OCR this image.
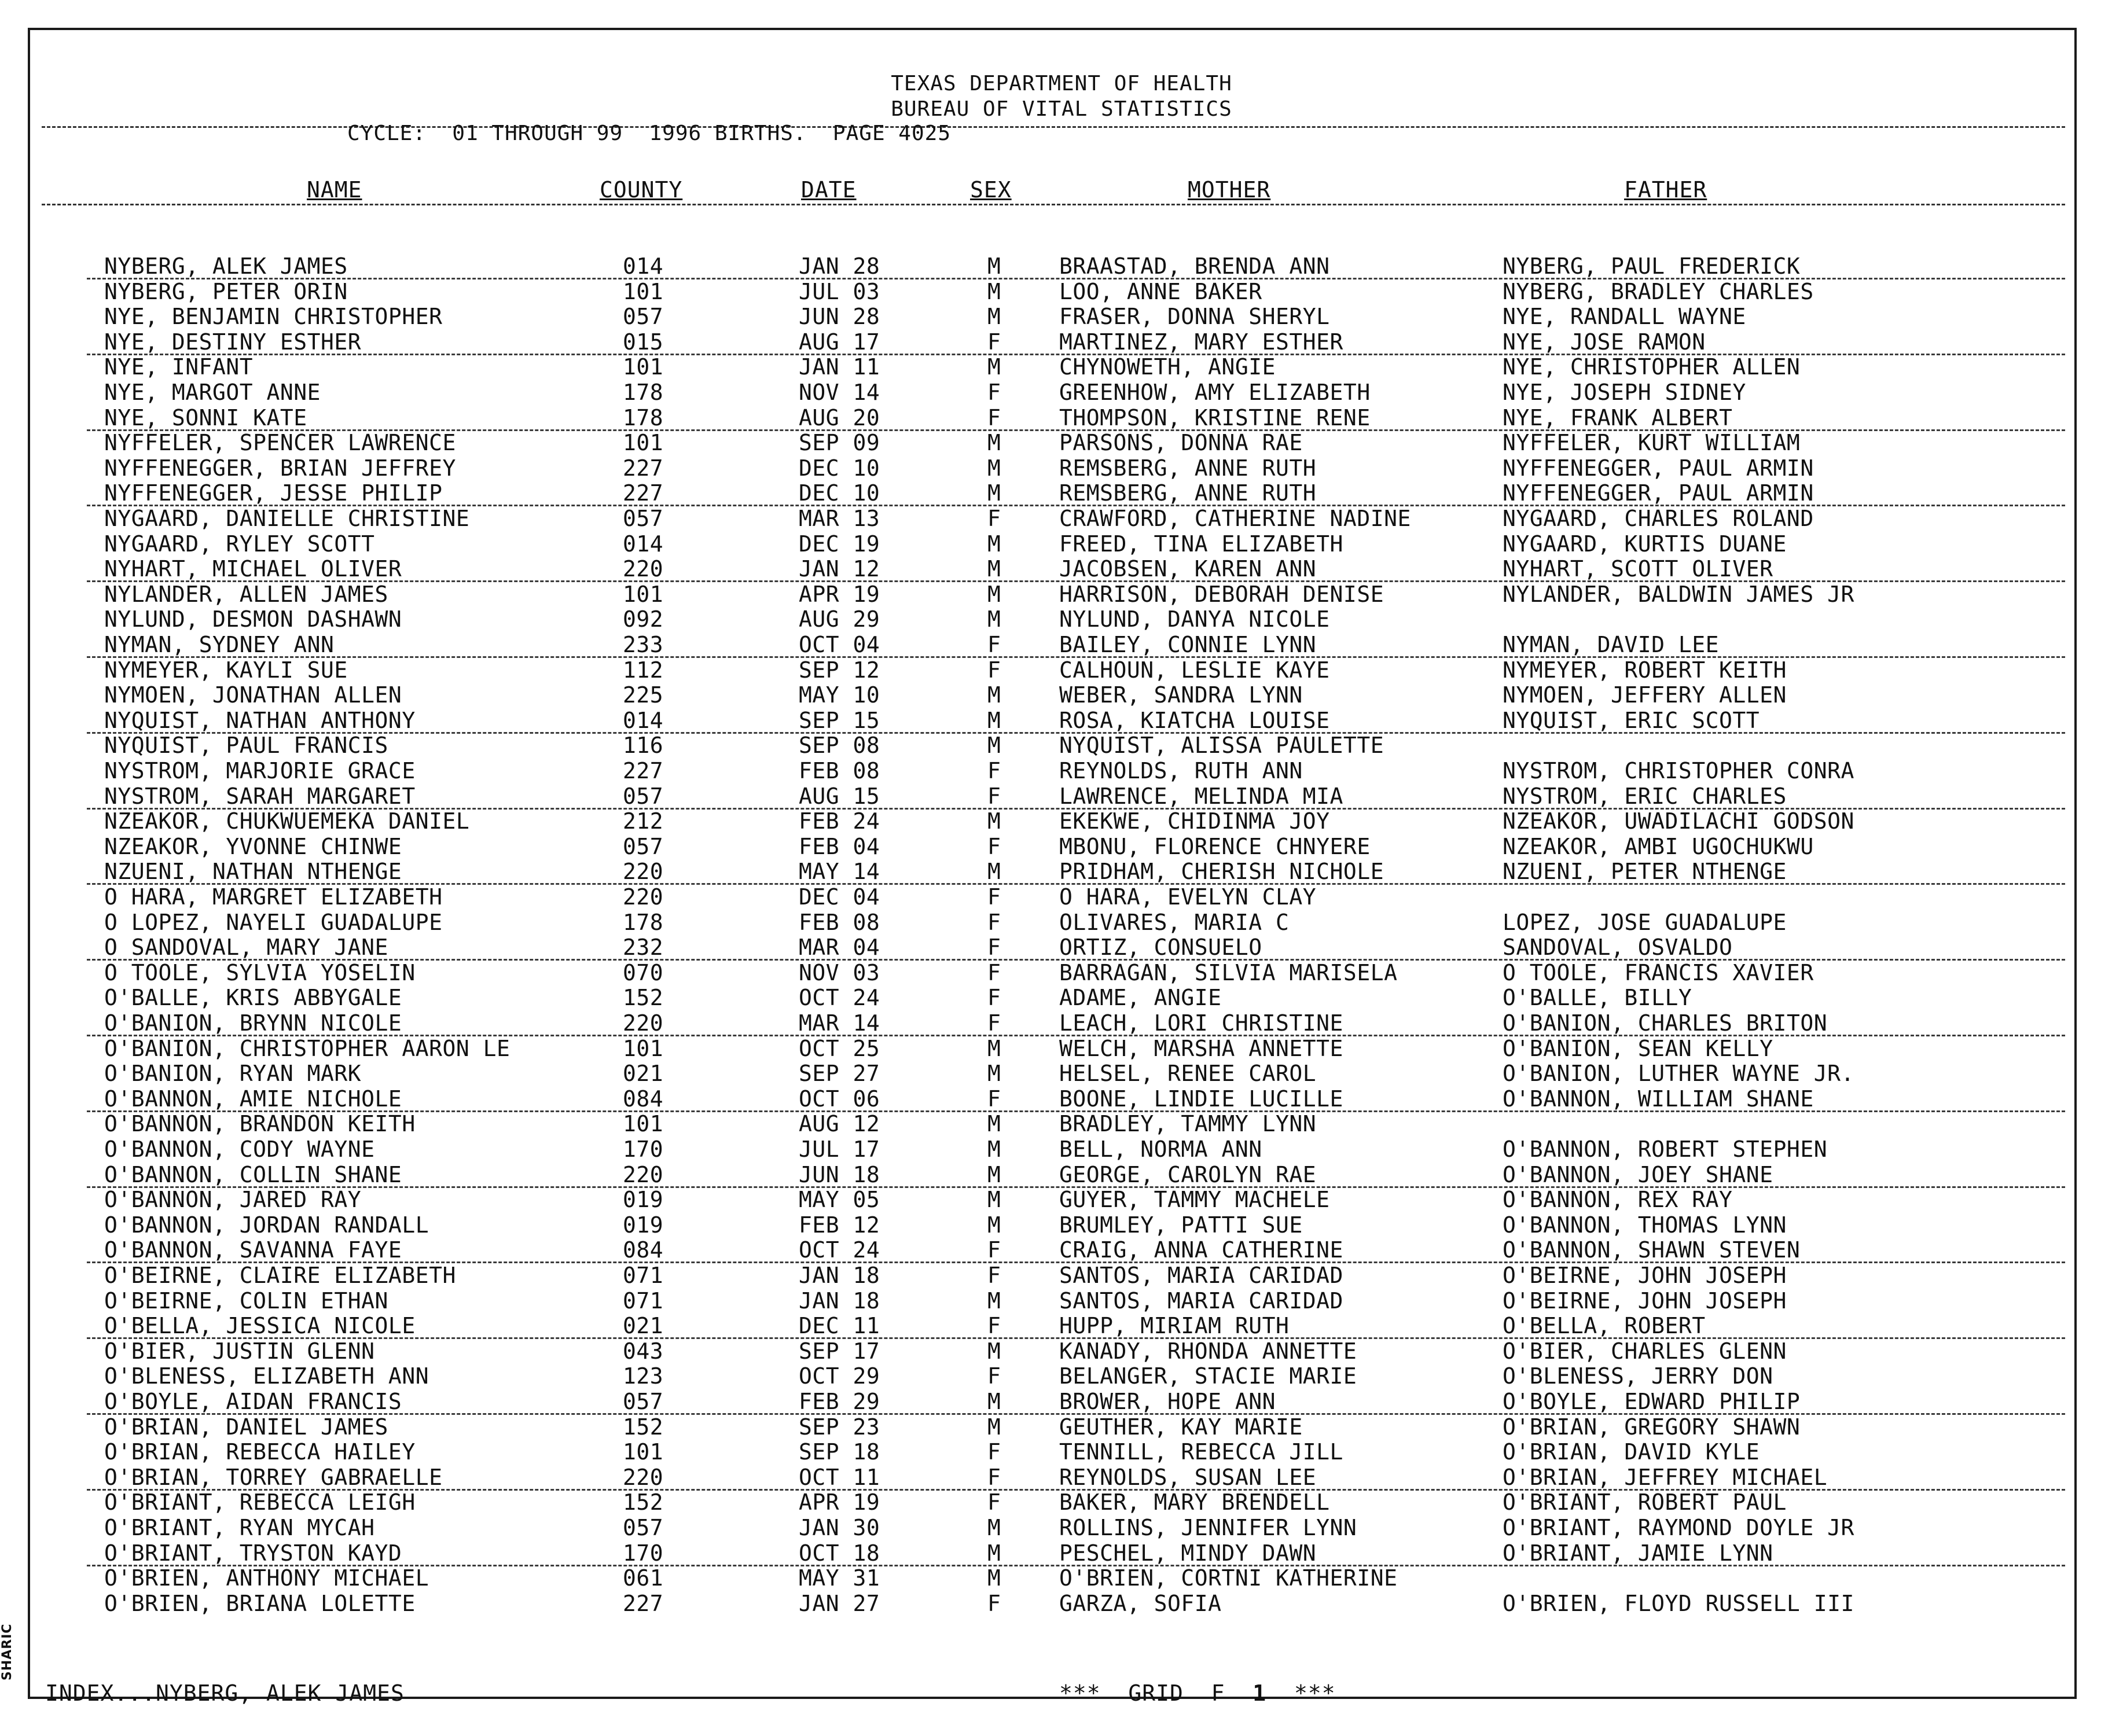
SHARIC
TEXAS DEPARTMENT OF HEALTH
BUREAU OF VITAL STATISTICS
CYCLE:  01 THROUGH 99  1996 BIRTHS.  PAGE 4025
NAME	COUNTY	DATE	SEX	MOTHER	FATHER
NYBERG, ALEK JAMES	014	JAN 28	M	BRAASTAD, BRENDA ANN	NYBERG, PAUL FREDERICK
NYBERG, PETER ORIN	101	JUL 03	M	LOO, ANNE BAKER	NYBERG, BRADLEY CHARLES
NYE, BENJAMIN CHRISTOPHER	057	JUN 28	M	FRASER, DONNA SHERYL	NYE, RANDALL WAYNE
NYE, DESTINY ESTHER	015	AUG 17	F	MARTINEZ, MARY ESTHER	NYE, JOSE RAMON
NYE, INFANT	101	JAN 11	M	CHYNOWETH, ANGIE	NYE, CHRISTOPHER ALLEN
NYE, MARGOT ANNE	178	NOV 14	F	GREENHOW, AMY ELIZABETH	NYE, JOSEPH SIDNEY
NYE, SONNI KATE	178	AUG 20	F	THOMPSON, KRISTINE RENE	NYE, FRANK ALBERT
NYFFELER, SPENCER LAWRENCE	101	SEP 09	M	PARSONS, DONNA RAE	NYFFELER, KURT WILLIAM
NYFFENEGGER, BRIAN JEFFREY	227	DEC 10	M	REMSBERG, ANNE RUTH	NYFFENEGGER, PAUL ARMIN
NYFFENEGGER, JESSE PHILIP	227	DEC 10	M	REMSBERG, ANNE RUTH	NYFFENEGGER, PAUL ARMIN
NYGAARD, DANIELLE CHRISTINE	057	MAR 13	F	CRAWFORD, CATHERINE NADINE	NYGAARD, CHARLES ROLAND
NYGAARD, RYLEY SCOTT	014	DEC 19	M	FREED, TINA ELIZABETH	NYGAARD, KURTIS DUANE
NYHART, MICHAEL OLIVER	220	JAN 12	M	JACOBSEN, KAREN ANN	NYHART, SCOTT OLIVER
NYLANDER, ALLEN JAMES	101	APR 19	M	HARRISON, DEBORAH DENISE	NYLANDER, BALDWIN JAMES JR
NYLUND, DESMON DASHAWN	092	AUG 29	M	NYLUND, DANYA NICOLE
NYMAN, SYDNEY ANN	233	OCT 04	F	BAILEY, CONNIE LYNN	NYMAN, DAVID LEE
NYMEYER, KAYLI SUE	112	SEP 12	F	CALHOUN, LESLIE KAYE	NYMEYER, ROBERT KEITH
NYMOEN, JONATHAN ALLEN	225	MAY 10	M	WEBER, SANDRA LYNN	NYMOEN, JEFFERY ALLEN
NYQUIST, NATHAN ANTHONY	014	SEP 15	M	ROSA, KIATCHA LOUISE	NYQUIST, ERIC SCOTT
NYQUIST, PAUL FRANCIS	116	SEP 08	M	NYQUIST, ALISSA PAULETTE
NYSTROM, MARJORIE GRACE	227	FEB 08	F	REYNOLDS, RUTH ANN	NYSTROM, CHRISTOPHER CONRA
NYSTROM, SARAH MARGARET	057	AUG 15	F	LAWRENCE, MELINDA MIA	NYSTROM, ERIC CHARLES
NZEAKOR, CHUKWUEMEKA DANIEL	212	FEB 24	M	EKEKWE, CHIDINMA JOY	NZEAKOR, UWADILACHI GODSON
NZEAKOR, YVONNE CHINWE	057	FEB 04	F	MBONU, FLORENCE CHNYERE	NZEAKOR, AMBI UGOCHUKWU
NZUENI, NATHAN NTHENGE	220	MAY 14	M	PRIDHAM, CHERISH NICHOLE	NZUENI, PETER NTHENGE
O HARA, MARGRET ELIZABETH	220	DEC 04	F	O HARA, EVELYN CLAY
O LOPEZ, NAYELI GUADALUPE	178	FEB 08	F	OLIVARES, MARIA C	LOPEZ, JOSE GUADALUPE
O SANDOVAL, MARY JANE	232	MAR 04	F	ORTIZ, CONSUELO	SANDOVAL, OSVALDO
O TOOLE, SYLVIA YOSELIN	070	NOV 03	F	BARRAGAN, SILVIA MARISELA	O TOOLE, FRANCIS XAVIER
O'BALLE, KRIS ABBYGALE	152	OCT 24	F	ADAME, ANGIE	O'BALLE, BILLY
O'BANION, BRYNN NICOLE	220	MAR 14	F	LEACH, LORI CHRISTINE	O'BANION, CHARLES BRITON
O'BANION, CHRISTOPHER AARON LE	101	OCT 25	M	WELCH, MARSHA ANNETTE	O'BANION, SEAN KELLY
O'BANION, RYAN MARK	021	SEP 27	M	HELSEL, RENEE CAROL	O'BANION, LUTHER WAYNE JR.
O'BANNON, AMIE NICHOLE	084	OCT 06	F	BOONE, LINDIE LUCILLE	O'BANNON, WILLIAM SHANE
O'BANNON, BRANDON KEITH	101	AUG 12	M	BRADLEY, TAMMY LYNN
O'BANNON, CODY WAYNE	170	JUL 17	M	BELL, NORMA ANN	O'BANNON, ROBERT STEPHEN
O'BANNON, COLLIN SHANE	220	JUN 18	M	GEORGE, CAROLYN RAE	O'BANNON, JOEY SHANE
O'BANNON, JARED RAY	019	MAY 05	M	GUYER, TAMMY MACHELE	O'BANNON, REX RAY
O'BANNON, JORDAN RANDALL	019	FEB 12	M	BRUMLEY, PATTI SUE	O'BANNON, THOMAS LYNN
O'BANNON, SAVANNA FAYE	084	OCT 24	F	CRAIG, ANNA CATHERINE	O'BANNON, SHAWN STEVEN
O'BEIRNE, CLAIRE ELIZABETH	071	JAN 18	F	SANTOS, MARIA CARIDAD	O'BEIRNE, JOHN JOSEPH
O'BEIRNE, COLIN ETHAN	071	JAN 18	M	SANTOS, MARIA CARIDAD	O'BEIRNE, JOHN JOSEPH
O'BELLA, JESSICA NICOLE	021	DEC 11	F	HUPP, MIRIAM RUTH	O'BELLA, ROBERT
O'BIER, JUSTIN GLENN	043	SEP 17	M	KANADY, RHONDA ANNETTE	O'BIER, CHARLES GLENN
O'BLENESS, ELIZABETH ANN	123	OCT 29	F	BELANGER, STACIE MARIE	O'BLENESS, JERRY DON
O'BOYLE, AIDAN FRANCIS	057	FEB 29	M	BROWER, HOPE ANN	O'BOYLE, EDWARD PHILIP
O'BRIAN, DANIEL JAMES	152	SEP 23	M	GEUTHER, KAY MARIE	O'BRIAN, GREGORY SHAWN
O'BRIAN, REBECCA HAILEY	101	SEP 18	F	TENNILL, REBECCA JILL	O'BRIAN, DAVID KYLE
O'BRIAN, TORREY GABRAELLE	220	OCT 11	F	REYNOLDS, SUSAN LEE	O'BRIAN, JEFFREY MICHAEL
O'BRIANT, REBECCA LEIGH	152	APR 19	F	BAKER, MARY BRENDELL	O'BRIANT, ROBERT PAUL
O'BRIANT, RYAN MYCAH	057	JAN 30	M	ROLLINS, JENNIFER LYNN	O'BRIANT, RAYMOND DOYLE JR
O'BRIANT, TRYSTON KAYD	170	OCT 18	M	PESCHEL, MINDY DAWN	O'BRIANT, JAMIE LYNN
O'BRIEN, ANTHONY MICHAEL	061	MAY 31	M	O'BRIEN, CORTNI KATHERINE
O'BRIEN, BRIANA LOLETTE	227	JAN 27	F	GARZA, SOFIA	O'BRIEN, FLOYD RUSSELL III
INDEX...NYBERG, ALEK JAMES	***  GRID  F  1  ***
